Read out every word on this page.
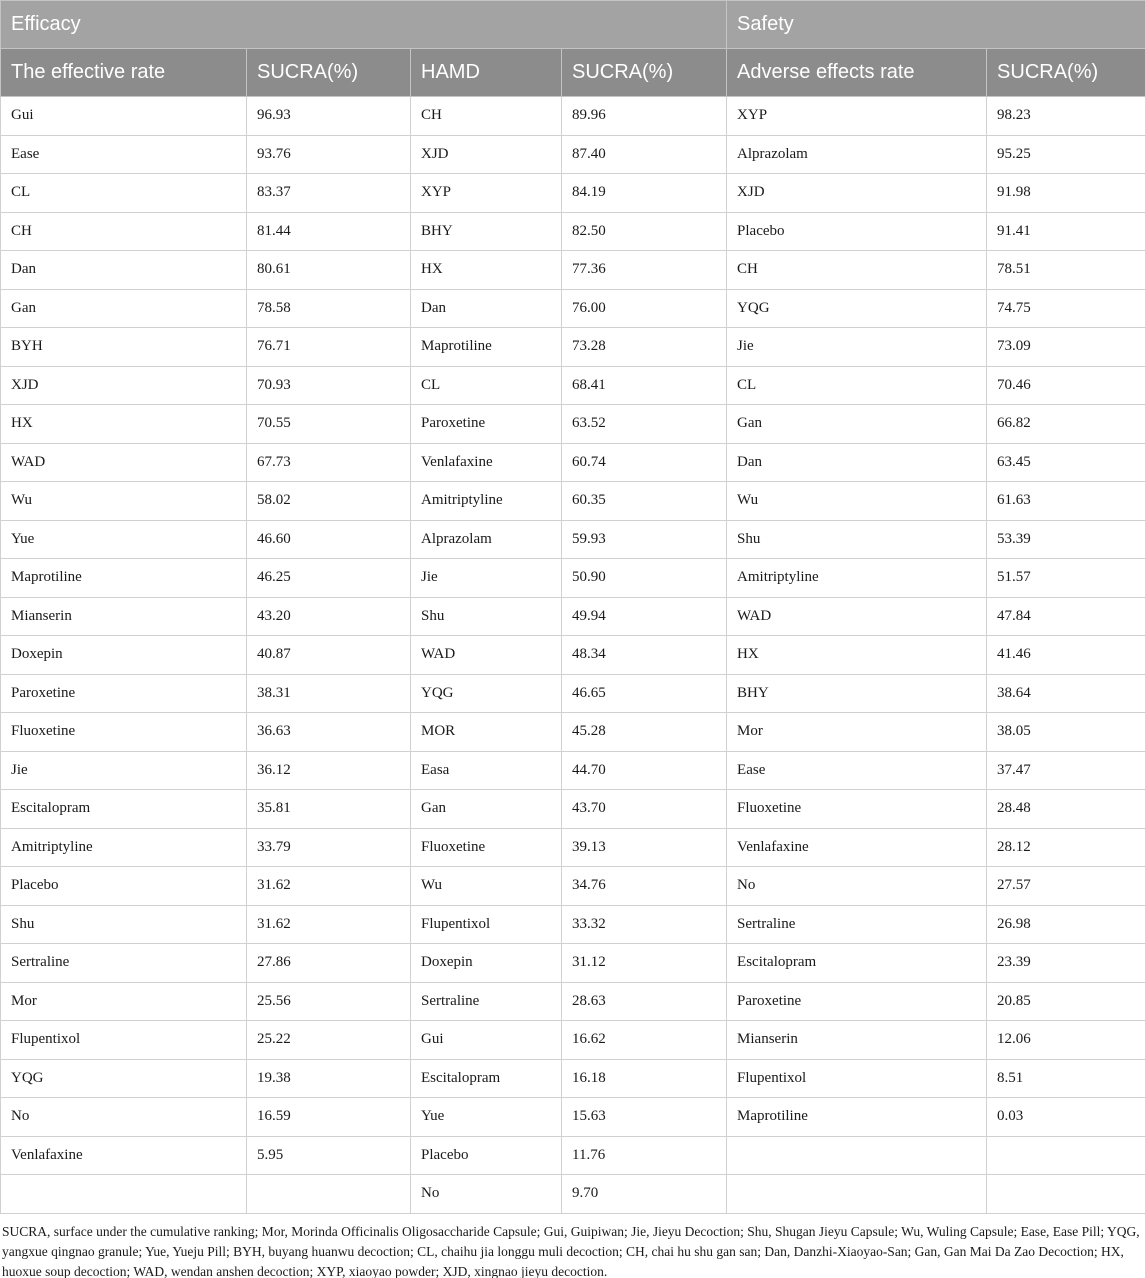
Efficacy				Safety	
The effective rate	SUCRA(%)	HAMD	SUCRA(%)	Adverse effects rate	SUCRA(%)
Gui	96.93	CH	89.96	XYP	98.23
Ease	93.76	XJD	87.40	Alprazolam	95.25
CL	83.37	XYP	84.19	XJD	91.98
CH	81.44	BHY	82.50	Placebo	91.41
Dan	80.61	HX	77.36	CH	78.51
Gan	78.58	Dan	76.00	YQG	74.75
BYH	76.71	Maprotiline	73.28	Jie	73.09
XJD	70.93	CL	68.41	CL	70.46
HX	70.55	Paroxetine	63.52	Gan	66.82
WAD	67.73	Venlafaxine	60.74	Dan	63.45
Wu	58.02	Amitriptyline	60.35	Wu	61.63
Yue	46.60	Alprazolam	59.93	Shu	53.39
Maprotiline	46.25	Jie	50.90	Amitriptyline	51.57
Mianserin	43.20	Shu	49.94	WAD	47.84
Doxepin	40.87	WAD	48.34	HX	41.46
Paroxetine	38.31	YQG	46.65	BHY	38.64
Fluoxetine	36.63	MOR	45.28	Mor	38.05
Jie	36.12	Easa	44.70	Ease	37.47
Escitalopram	35.81	Gan	43.70	Fluoxetine	28.48
Amitriptyline	33.79	Fluoxetine	39.13	Venlafaxine	28.12
Placebo	31.62	Wu	34.76	No	27.57
Shu	31.62	Flupentixol	33.32	Sertraline	26.98
Sertraline	27.86	Doxepin	31.12	Escitalopram	23.39
Mor	25.56	Sertraline	28.63	Paroxetine	20.85
Flupentixol	25.22	Gui	16.62	Mianserin	12.06
YQG	19.38	Escitalopram	16.18	Flupentixol	8.51
No	16.59	Yue	15.63	Maprotiline	0.03
Venlafaxine	5.95	Placebo	11.76		
		No	9.70		

SUCRA, surface under the cumulative ranking; Mor, Morinda Officinalis Oligosaccharide Capsule; Gui, Guipiwan; Jie, Jieyu Decoction; Shu, Shugan Jieyu Capsule; Wu, Wuling Capsule; Ease, Ease Pill; YQG, yangxue qingnao granule; Yue, Yueju Pill; BYH, buyang huanwu decoction; CL, chaihu jia longgu muli decoction; CH, chai hu shu gan san; Dan, Danzhi-Xiaoyao-San; Gan, Gan Mai Da Zao Decoction; HX, huoxue soup decoction; WAD, wendan anshen decoction; XYP, xiaoyao powder; XJD, xingnao jieyu decoction.
